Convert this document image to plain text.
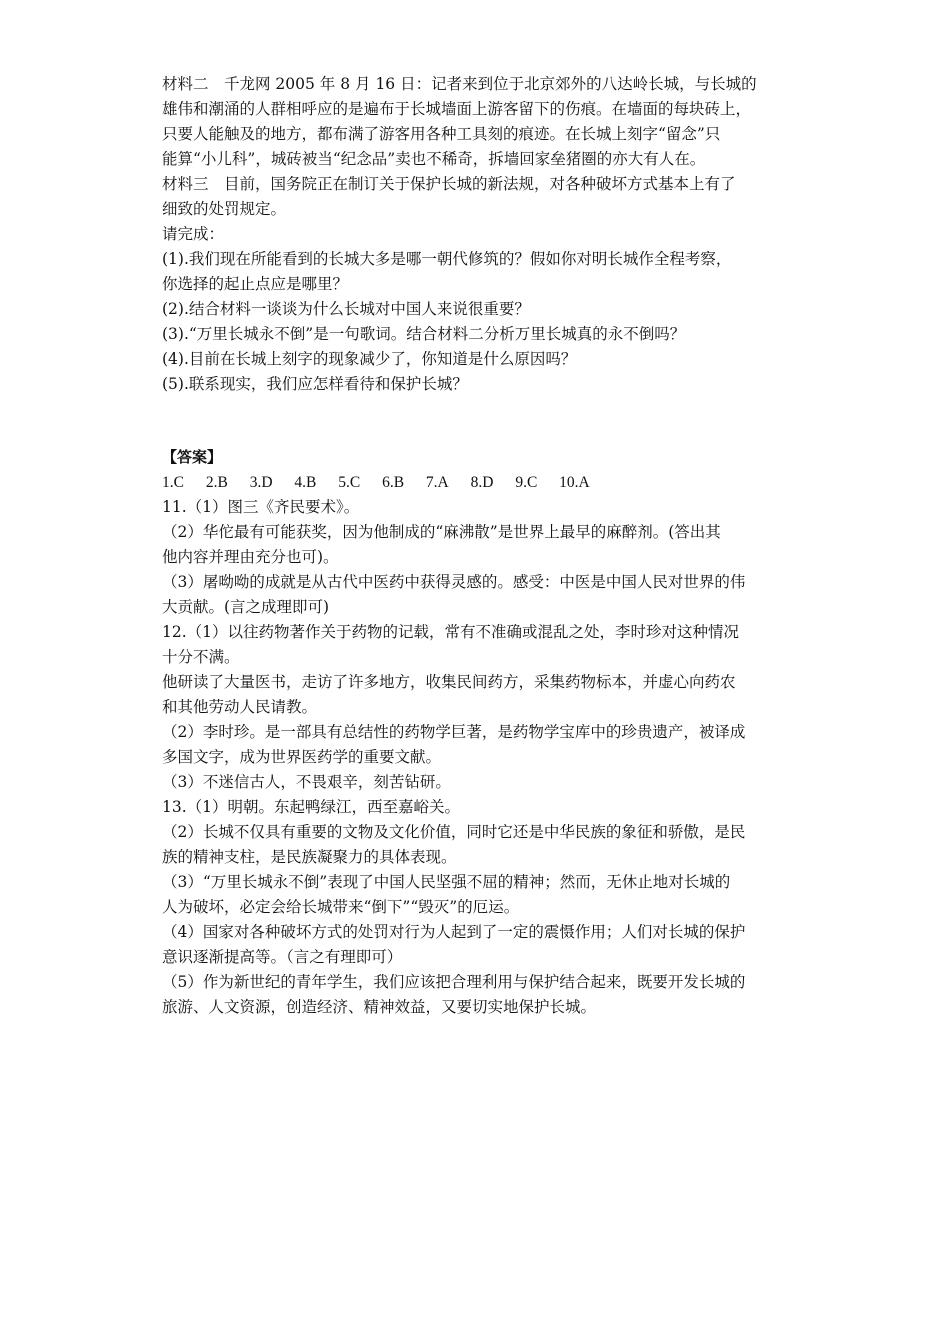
材料二　千龙网 2005 年 8 月 16 日：记者来到位于北京郊外的八达岭长城，与长城的
雄伟和潮涌的人群相呼应的是遍布于长城墙面上游客留下的伤痕。在墙面的每块砖上，
只要人能触及的地方，都布满了游客用各种工具刻的痕迹。在长城上刻字“留念”只
能算“小儿科”，城砖被当“纪念品”卖也不稀奇，拆墙回家垒猪圈的亦大有人在。
材料三　目前，国务院正在制订关于保护长城的新法规，对各种破坏方式基本上有了
细致的处罚规定。
请完成：
(1).我们现在所能看到的长城大多是哪一朝代修筑的？假如你对明长城作全程考察，
你选择的起止点应是哪里？
(2).结合材料一谈谈为什么长城对中国人来说很重要？
(3).“万里长城永不倒”是一句歌词。结合材料二分析万里长城真的永不倒吗？
(4).目前在长城上刻字的现象减少了，你知道是什么原因吗？
(5).联系现实，我们应怎样看待和保护长城？
【答案】
1.C 2.B 3.D 4.B 5.C 6.B 7.A 8.D 9.C 10.A
11.（1）图三《齐民要术》。
（2）华佗最有可能获奖，因为他制成的“麻沸散”是世界上最早的麻醉剂。(答出其
他内容并理由充分也可)。
（3）屠呦呦的成就是从古代中医药中获得灵感的。感受：中医是中国人民对世界的伟
大贡献。(言之成理即可)
12.（1）以往药物著作关于药物的记载，常有不准确或混乱之处，李时珍对这种情况
十分不满。
他研读了大量医书，走访了许多地方，收集民间药方，采集药物标本，并虚心向药农
和其他劳动人民请教。
（2）李时珍。是一部具有总结性的药物学巨著，是药物学宝库中的珍贵遗产，被译成
多国文字，成为世界医药学的重要文献。
（3）不迷信古人，不畏艰辛，刻苦钻研。
13.（1）明朝。东起鸭绿江，西至嘉峪关。
（2）长城不仅具有重要的文物及文化价值，同时它还是中华民族的象征和骄傲，是民
族的精神支柱，是民族凝聚力的具体表现。
（3）“万里长城永不倒”表现了中国人民坚强不屈的精神；然而，无休止地对长城的
人为破坏，必定会给长城带来“倒下”“毁灭”的厄运。
（4）国家对各种破坏方式的处罚对行为人起到了一定的震慑作用；人们对长城的保护
意识逐渐提高等。（言之有理即可）
（5）作为新世纪的青年学生，我们应该把合理利用与保护结合起来，既要开发长城的
旅游、人文资源，创造经济、精神效益，又要切实地保护长城。
